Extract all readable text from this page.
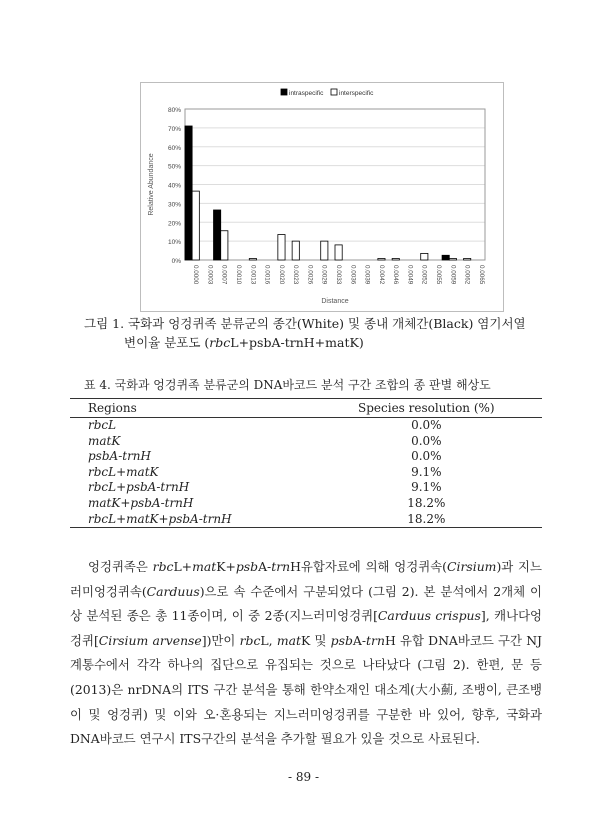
0%
10%
20%
30%
40%
50%
60%
70%
80%
0.0000 0.0003 0.0007 0.0010 0.0013 0.0016 0.0020 0.0023 0.0026 0.0029 0.0033 0.0036 0.0039 0.0042 0.0046 0.0049 0.0052 0.0055 0.0059 0.0062 0.0065
Distance
Relative Abundance
intraspecific interspecific
그림 1. 국화과 엉겅퀴족 분류군의 종간(White) 및 종내 개체간(Black) 염기서열
변이율 분포도 (rbcL+psbA-trnH+matK)
표 4. 국화과 엉겅퀴족 분류군의 DNA바코드 분석 구간 조합의 종 판별 해상도
Regions	Species resolution (%)
rbcL	0.0%
matK	0.0%
psbA-trnH	0.0%
rbcL+matK	9.1%
rbcL+psbA-trnH	9.1%
matK+psbA-trnH	18.2%
rbcL+matK+psbA-trnH	18.2%
엉겅퀴족은 rbcL+matK+psbA-trnH유합자료에 의해 엉겅퀴속(Cirsium)과 지느러미엉겅퀴속(Carduus)으로 속 수준에서 구분되었다 (그림 2). 본 분석에서 2개체 이상 분석된 종은 총 11종이며, 이 중 2종(지느러미엉겅퀴[Carduus crispus], 캐나다엉겅퀴[Cirsium arvense])만이 rbcL, matK 및 psbA-trnH 유합 DNA바코드 구간 NJ 계통수에서 각각 하나의 집단으로 유집되는 것으로 나타났다 (그림 2). 한편, 문 등(2013)은 nrDNA의 ITS 구간 분석을 통해 한약소재인 대소계(大小薊, 조뱅이, 큰조뱅이 및 엉겅퀴) 및 이와 오·혼용되는 지느러미엉겅퀴를 구분한 바 있어, 향후, 국화과 DNA바코드 연구시 ITS구간의 분석을 추가할 필요가 있을 것으로 사료된다.
- 89 -
